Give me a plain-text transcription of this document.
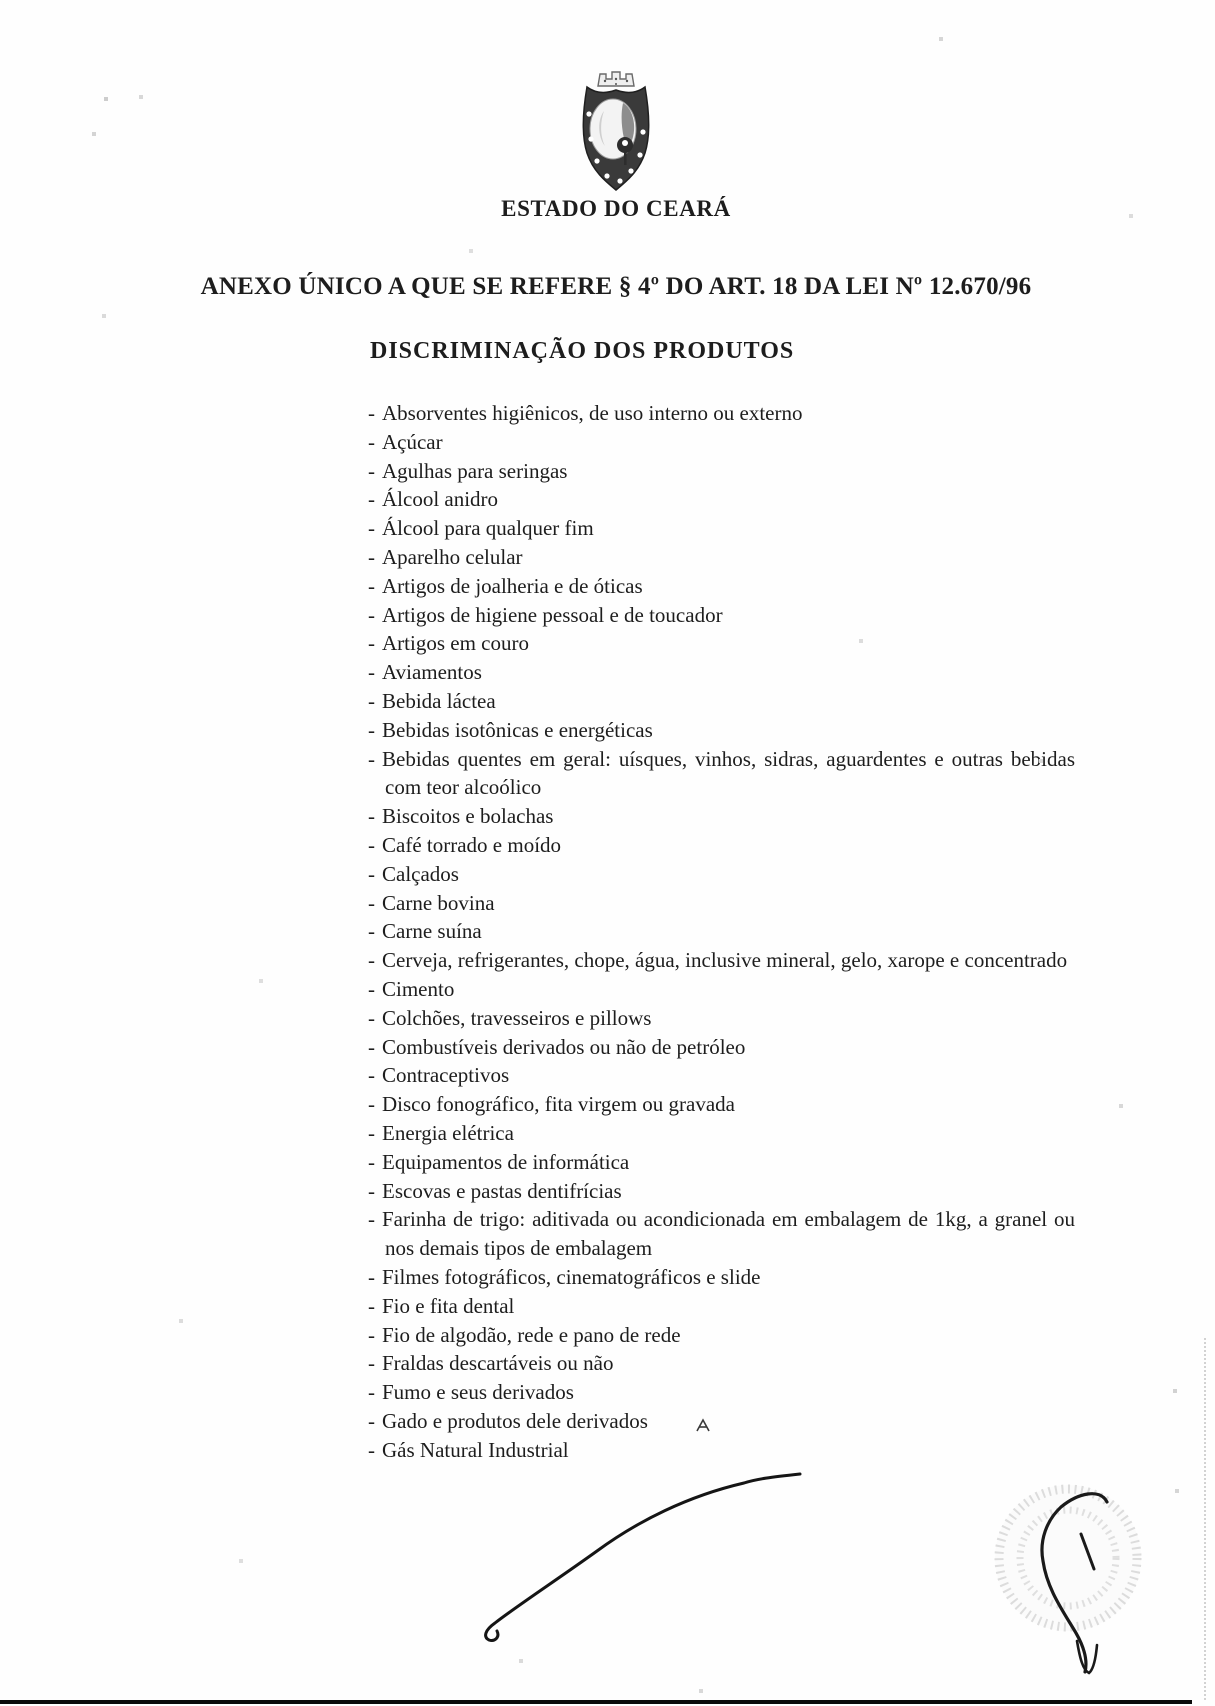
ESTADO DO CEARÁ
ANEXO ÚNICO A QUE SE REFERE § 4º DO ART. 18 DA LEI Nº 12.670/96
DISCRIMINAÇÃO DOS PRODUTOS
- Absorventes higiênicos, de uso interno ou externo
- Açúcar
- Agulhas para seringas
- Álcool anidro
- Álcool para qualquer fim
- Aparelho celular
- Artigos de joalheria e de óticas
- Artigos de higiene pessoal e de toucador
- Artigos em couro
- Aviamentos
- Bebida láctea
- Bebidas isotônicas e energéticas
- Bebidas quentes em geral: uísques, vinhos, sidras, aguardentes e outras bebidas com teor alcoólico
- Biscoitos e bolachas
- Café torrado e moído
- Calçados
- Carne bovina
- Carne suína
- Cerveja, refrigerantes, chope, água, inclusive mineral, gelo, xarope e concentrado
- Cimento
- Colchões, travesseiros e pillows
- Combustíveis derivados ou não de petróleo
- Contraceptivos
- Disco fonográfico, fita virgem ou gravada
- Energia elétrica
- Equipamentos de informática
- Escovas e pastas dentifrícias
- Farinha de trigo: aditivada ou acondicionada em embalagem de 1kg, a granel ou nos demais tipos de embalagem
- Filmes fotográficos, cinematográficos e slide
- Fio e fita dental
- Fio de algodão, rede e pano de rede
- Fraldas descartáveis ou não
- Fumo e seus derivados
- Gado e produtos dele derivados
- Gás Natural Industrial
